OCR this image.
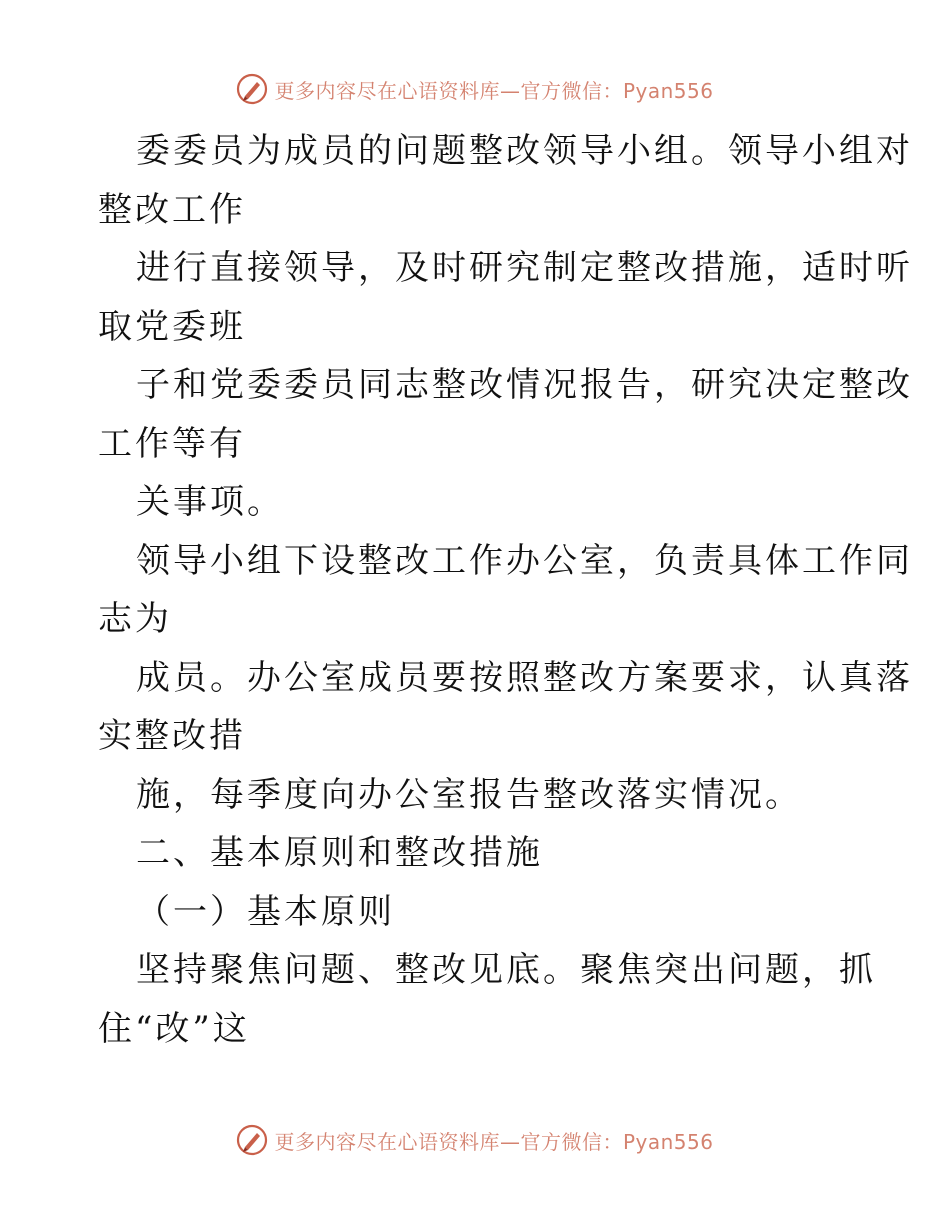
更多内容尽在心语资料库—官方微信：Pyan556
委委员为成员的问题整改领导小组。领导小组对
整改工作
进行直接领导，及时研究制定整改措施，适时听
取党委班
子和党委委员同志整改情况报告，研究决定整改
工作等有
关事项。
领导小组下设整改工作办公室，负责具体工作同
志为
成员。办公室成员要按照整改方案要求，认真落
实整改措
施，每季度向办公室报告整改落实情况。
二、基本原则和整改措施
（一）基本原则
坚持聚焦问题、整改见底。聚焦突出问题，抓
住“改”这
更多内容尽在心语资料库—官方微信：Pyan556
